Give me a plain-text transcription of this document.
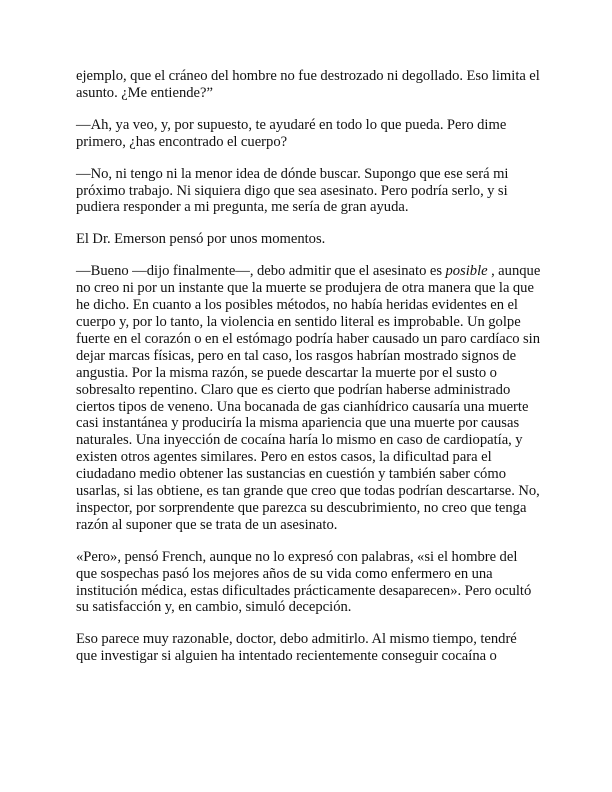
ejemplo, que el cráneo del hombre no fue destrozado ni degollado. Eso limita el asunto. ¿Me entiende?”

—Ah, ya veo, y, por supuesto, te ayudaré en todo lo que pueda. Pero dime primero, ¿has encontrado el cuerpo?

—No, ni tengo ni la menor idea de dónde buscar. Supongo que ese será mi próximo trabajo. Ni siquiera digo que sea asesinato. Pero podría serlo, y si pudiera responder a mi pregunta, me sería de gran ayuda.

El Dr. Emerson pensó por unos momentos.

—Bueno —dijo finalmente—, debo admitir que el asesinato es posible , aunque no creo ni por un instante que la muerte se produjera de otra manera que la que he dicho. En cuanto a los posibles métodos, no había heridas evidentes en el cuerpo y, por lo tanto, la violencia en sentido literal es improbable. Un golpe fuerte en el corazón o en el estómago podría haber causado un paro cardíaco sin dejar marcas físicas, pero en tal caso, los rasgos habrían mostrado signos de angustia. Por la misma razón, se puede descartar la muerte por el susto o sobresalto repentino. Claro que es cierto que podrían haberse administrado ciertos tipos de veneno. Una bocanada de gas cianhídrico causaría una muerte casi instantánea y produciría la misma apariencia que una muerte por causas naturales. Una inyección de cocaína haría lo mismo en caso de cardiopatía, y existen otros agentes similares. Pero en estos casos, la dificultad para el ciudadano medio obtener las sustancias en cuestión y también saber cómo usarlas, si las obtiene, es tan grande que creo que todas podrían descartarse. No, inspector, por sorprendente que parezca su descubrimiento, no creo que tenga razón al suponer que se trata de un asesinato.

«Pero», pensó French, aunque no lo expresó con palabras, «si el hombre del que sospechas pasó los mejores años de su vida como enfermero en una institución médica, estas dificultades prácticamente desaparecen». Pero ocultó su satisfacción y, en cambio, simuló decepción.

Eso parece muy razonable, doctor, debo admitirlo. Al mismo tiempo, tendré que investigar si alguien ha intentado recientemente conseguir cocaína o
